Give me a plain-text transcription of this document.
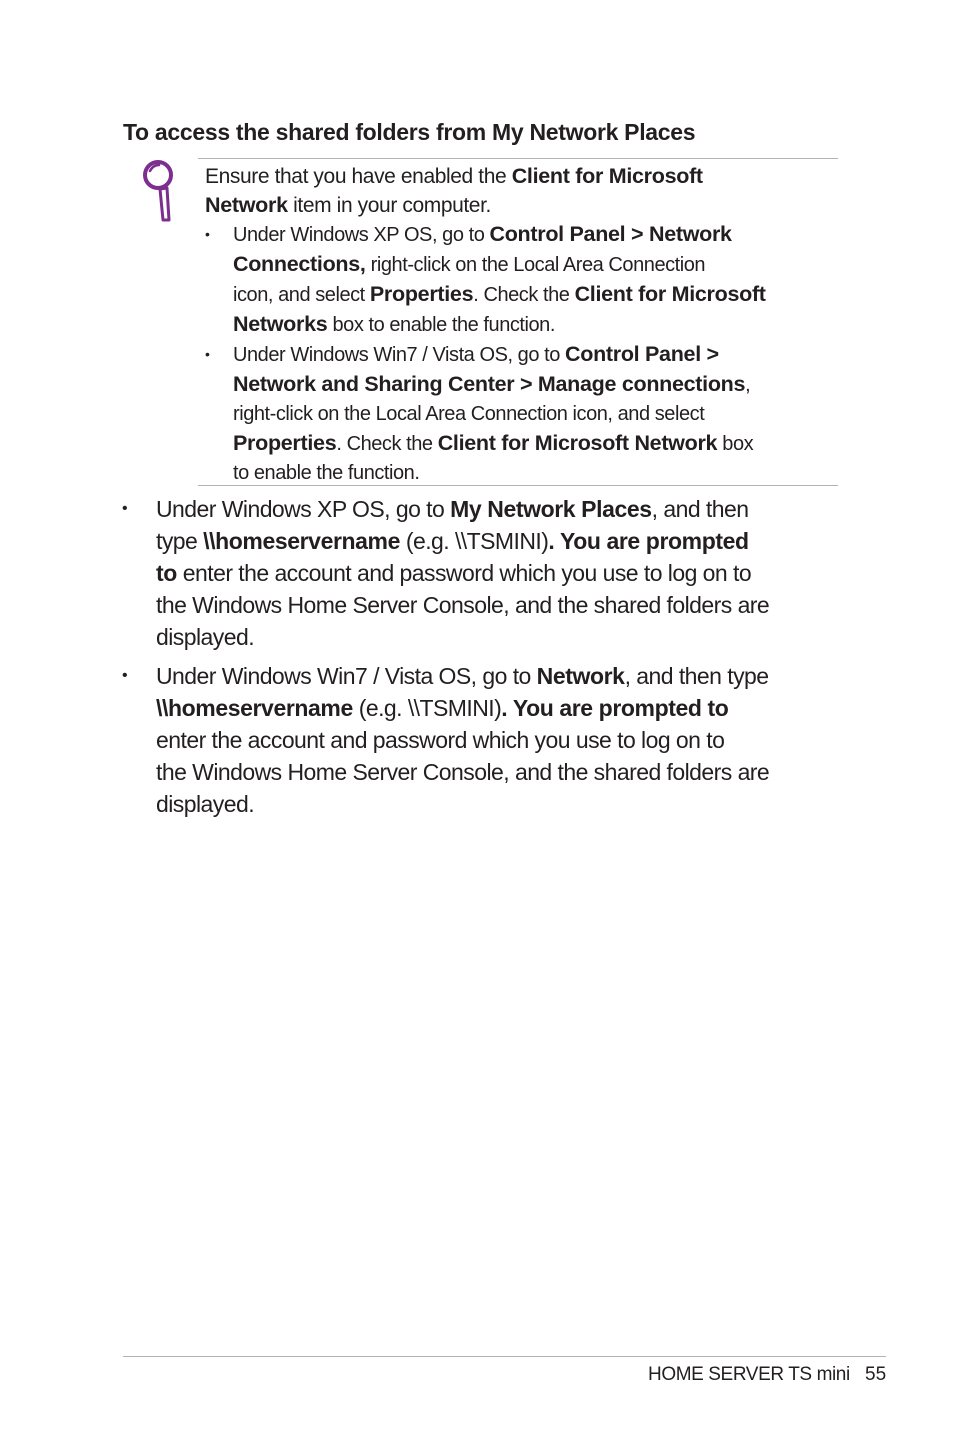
To access the shared folders from My Network Places

Ensure that you have enabled the Client for Microsoft
Network item in your computer.

• Under Windows XP OS, go to Control Panel > Network
Connections, right-click on the Local Area Connection
icon, and select Properties. Check the Client for Microsoft
Networks box to enable the function.
• Under Windows Win7 / Vista OS, go to Control Panel >
Network and Sharing Center > Manage connections,
right-click on the Local Area Connection icon, and select
Properties. Check the Client for Microsoft Network box
to enable the function.
• Under Windows XP OS, go to My Network Places, and then
type \\homeservername (e.g. \\TSMINI). You are prompted
to enter the account and password which you use to log on to
the Windows Home Server Console, and the shared folders are
displayed.
• Under Windows Win7 / Vista OS, go to Network, and then type
\\homeservername (e.g. \\TSMINI). You are prompted to
enter the account and password which you use to log on to
the Windows Home Server Console, and the shared folders are
displayed.
HOME SERVER TS mini 55
